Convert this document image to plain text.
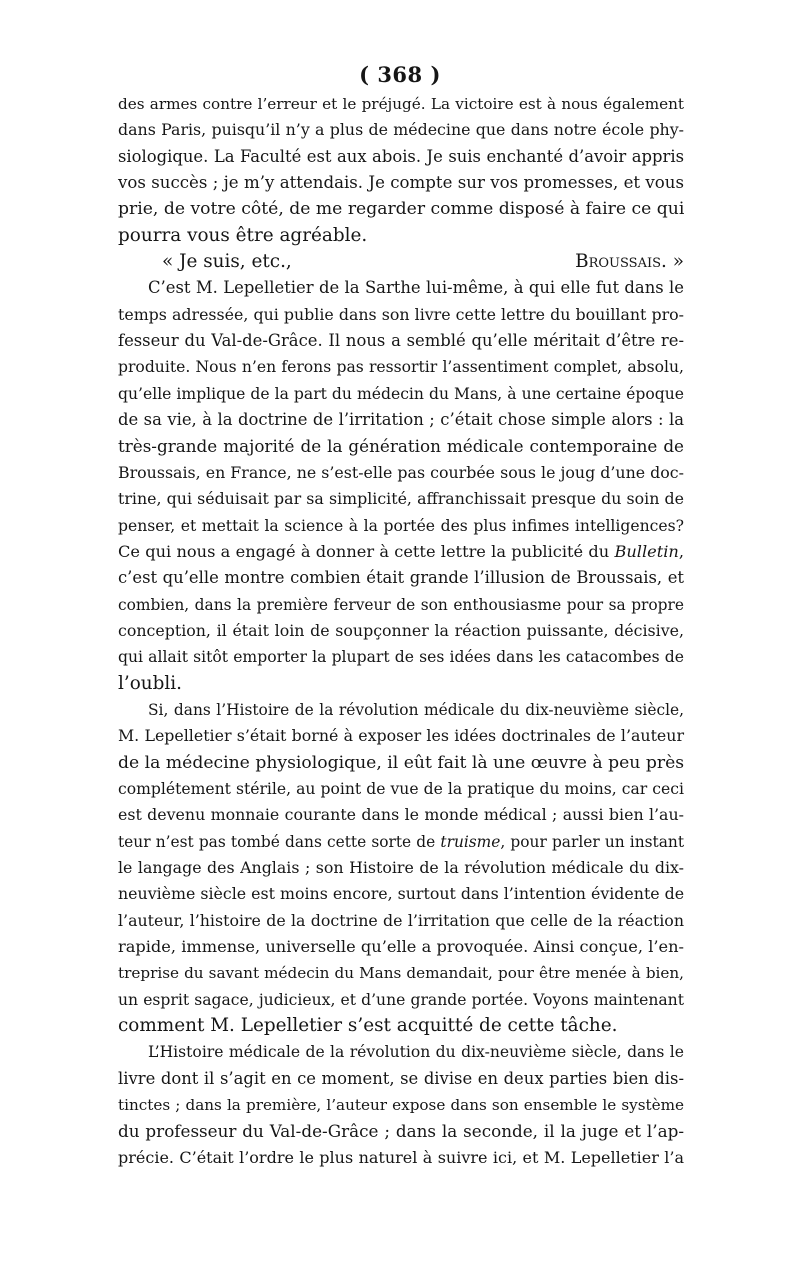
( 368 )
des armes contre l’erreur et le préjugé. La victoire est à nous également
dans Paris, puisqu’il n’y a plus de médecine que dans notre école phy-
siologique. La Faculté est aux abois. Je suis enchanté d’avoir appris
vos succès ; je m’y attendais. Je compte sur vos promesses, et vous
prie, de votre côté, de me regarder comme disposé à faire ce qui
pourra vous être agréable.
« Je suis, etc.,	Broussais. »
C’est M. Lepelletier de la Sarthe lui-même, à qui elle fut dans le
temps adressée, qui publie dans son livre cette lettre du bouillant pro-
fesseur du Val-de-Grâce. Il nous a semblé qu’elle méritait d’être re-
produite. Nous n’en ferons pas ressortir l’assentiment complet, absolu,
qu’elle implique de la part du médecin du Mans, à une certaine époque
de sa vie, à la doctrine de l’irritation ; c’était chose simple alors : la
très-grande majorité de la génération médicale contemporaine de
Broussais, en France, ne s’est-elle pas courbée sous le joug d’une doc-
trine, qui séduisait par sa simplicité, affranchissait presque du soin de
penser, et mettait la science à la portée des plus infimes intelligences?
Ce qui nous a engagé à donner à cette lettre la publicité du Bulletin,
c’est qu’elle montre combien était grande l’illusion de Broussais, et
combien, dans la première ferveur de son enthousiasme pour sa propre
conception, il était loin de soupçonner la réaction puissante, décisive,
qui allait sitôt emporter la plupart de ses idées dans les catacombes de
l’oubli.
Si, dans l’Histoire de la révolution médicale du dix-neuvième siècle,
M. Lepelletier s’était borné à exposer les idées doctrinales de l’auteur
de la médecine physiologique, il eût fait là une œuvre à peu près
complétement stérile, au point de vue de la pratique du moins, car ceci
est devenu monnaie courante dans le monde médical ; aussi bien l’au-
teur n’est pas tombé dans cette sorte de truisme, pour parler un instant
le langage des Anglais ; son Histoire de la révolution médicale du dix-
neuvième siècle est moins encore, surtout dans l’intention évidente de
l’auteur, l’histoire de la doctrine de l’irritation que celle de la réaction
rapide, immense, universelle qu’elle a provoquée. Ainsi conçue, l’en-
treprise du savant médecin du Mans demandait, pour être menée à bien,
un esprit sagace, judicieux, et d’une grande portée. Voyons maintenant
comment M. Lepelletier s’est acquitté de cette tâche.
L’Histoire médicale de la révolution du dix-neuvième siècle, dans le
livre dont il s’agit en ce moment, se divise en deux parties bien dis-
tinctes ; dans la première, l’auteur expose dans son ensemble le système
du professeur du Val-de-Grâce ; dans la seconde, il la juge et l’ap-
précie. C’était l’ordre le plus naturel à suivre ici, et M. Lepelletier l’a
